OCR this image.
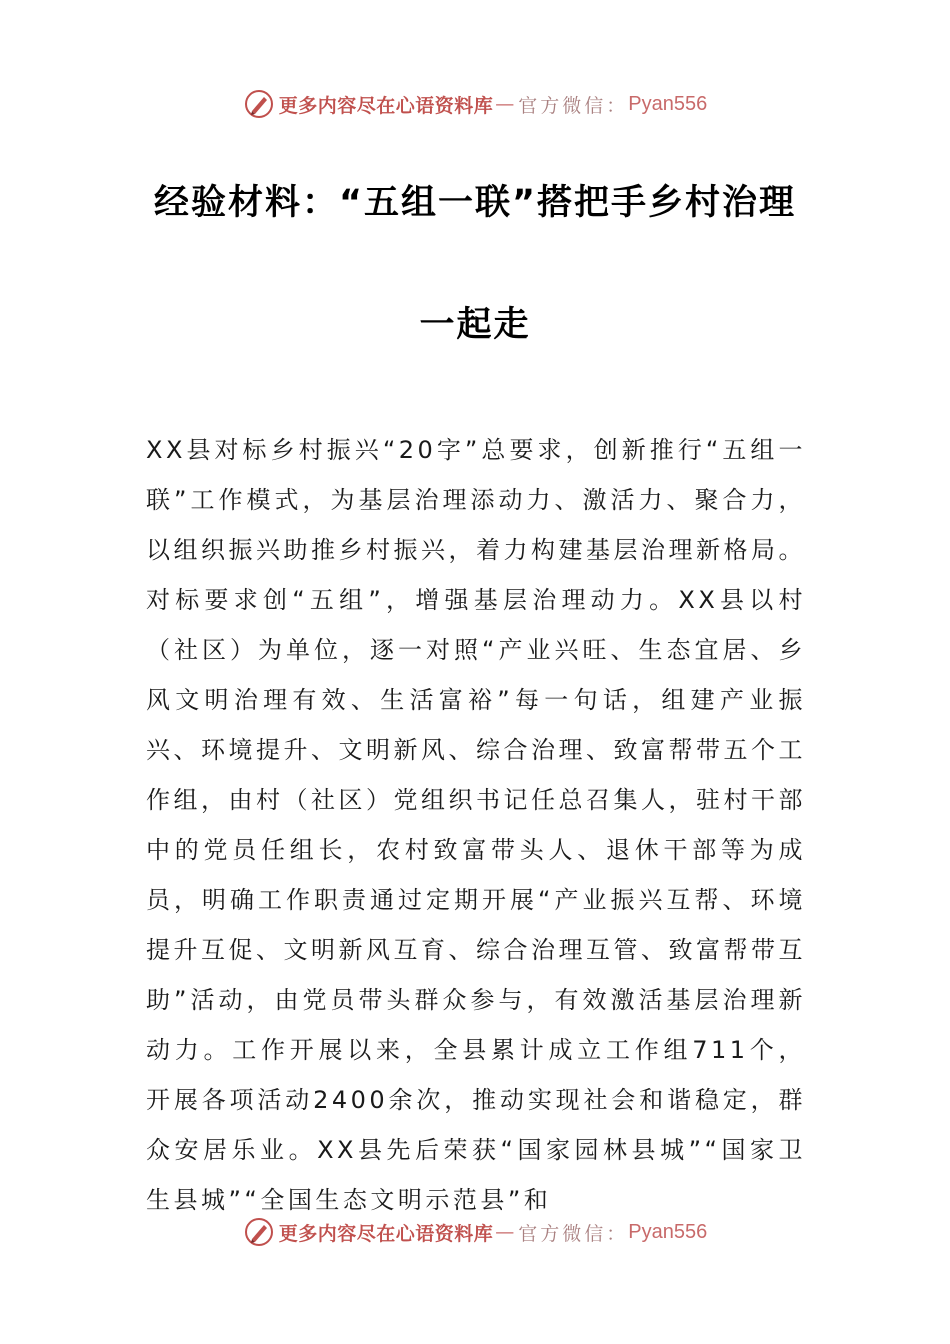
更多内容尽在心语资料库 — 官方微信： Pyan556
经验材料：“五组一联”搭把手乡村治理
一起走

XX县对标乡村振兴“20字”总要求，创新推行“五组一联”工作模式，为基层治理添动力、激活力、聚合力，以组织振兴助推乡村振兴，着力构建基层治理新格局。

对标要求创“五组”，增强基层治理动力。XX县以村（社区）为单位，逐一对照“产业兴旺、生态宜居、乡风文明治理有效、生活富裕”每一句话，组建产业振兴、环境提升、文明新风、综合治理、致富帮带五个工作组，由村（社区）党组织书记任总召集人，驻村干部中的党员任组长，农村致富带头人、退休干部等为成员，明确工作职责通过定期开展“产业振兴互帮、环境提升互促、文明新风互育、综合治理互管、致富帮带互助”活动，由党员带头群众参与，有效激活基层治理新动力。工作开展以来，全县累计成立工作组711个，开展各项活动2400余次，推动实现社会和谐稳定，群众安居乐业。XX县先后荣获“国家园林县城”“国家卫生县城”“全国生态文明示范县”和

更多内容尽在心语资料库 — 官方微信： Pyan556
